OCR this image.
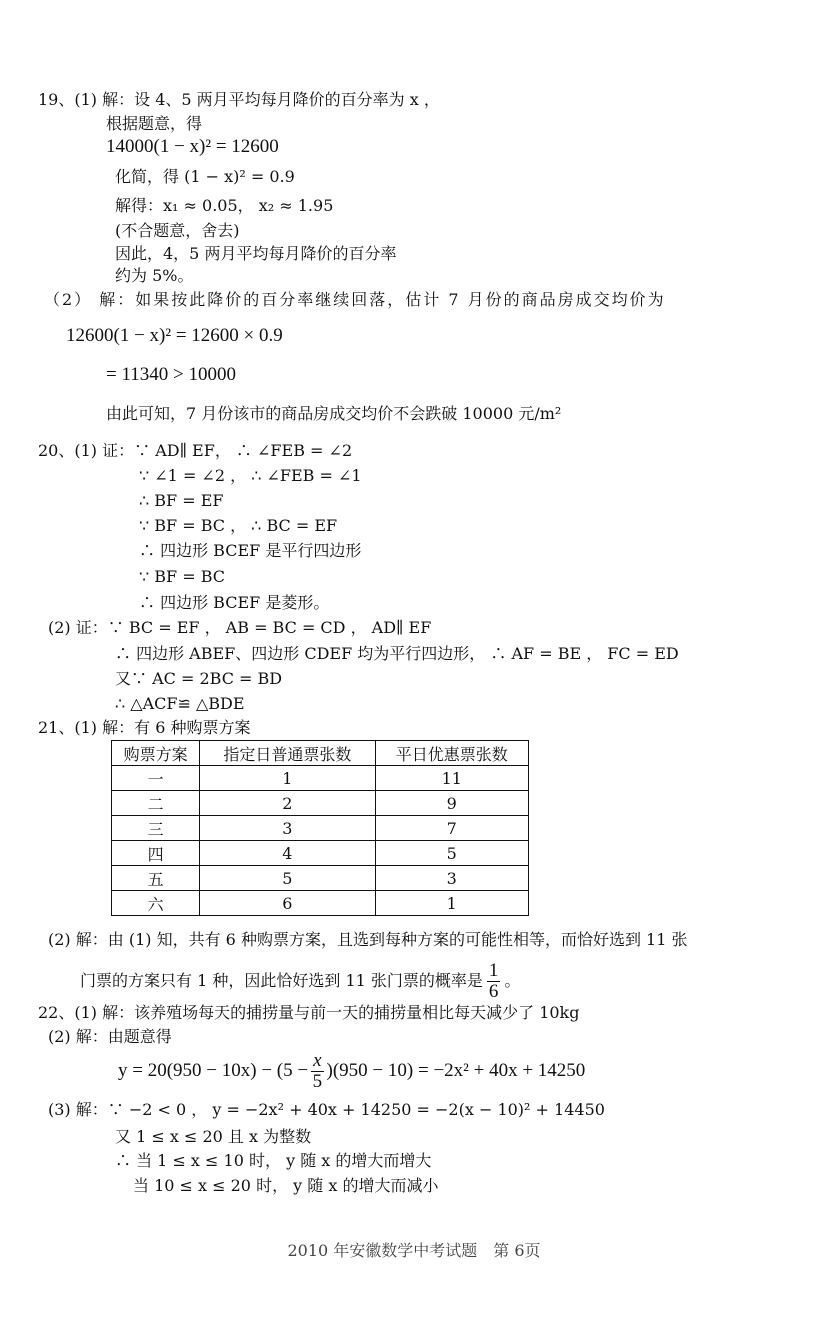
19、(1) 解：设 4、5 两月平均每月降价的百分率为 x ，
根据题意，得
14000(1 − x)² = 12600
化简，得 (1 − x)² = 0.9
解得：x₁ ≈ 0.05， x₂ ≈ 1.95
(不合题意，舍去)
因此，4，5 两月平均每月降价的百分率
约为 5%。
（2） 解：如果按此降价的百分率继续回落，估计 7 月份的商品房成交均价为
12600(1 − x)² = 12600 × 0.9
= 11340 > 10000
由此可知，7 月份该市的商品房成交均价不会跌破 10000 元/m²
20、(1) 证：∵ AD∥ EF， ∴ ∠FEB = ∠2
∵ ∠1 = ∠2 ， ∴ ∠FEB = ∠1
∴ BF = EF
∵ BF = BC ， ∴ BC = EF
∴ 四边形 BCEF 是平行四边形
∵ BF = BC
∴ 四边形 BCEF 是菱形。
(2) 证：∵ BC = EF ， AB = BC = CD ， AD∥ EF
∴ 四边形 ABEF、四边形 CDEF 均为平行四边形， ∴ AF = BE ， FC = ED
又∵ AC = 2BC = BD
∴ △ACF≌ △BDE
21、(1) 解：有 6 种购票方案
购票方案	指定日普通票张数	平日优惠票张数
一	1	11
二	2	9
三	3	7
四	4	5
五	5	3
六	6	1
(2) 解：由 (1) 知，共有 6 种购票方案，且选到每种方案的可能性相等，而恰好选到 11 张
门票的方案只有 1 种，因此恰好选到 11 张门票的概率是 $\frac{1}{6}$ 。
22、(1) 解：该养殖场每天的捕捞量与前一天的捕捞量相比每天减少了 10kg
(2) 解：由题意得
$y = 20(950 - 10x) - (5 - \frac{x}{5} )(950 - 10) = -2x^2 + 40x + 14250$
(3) 解：∵ −2 < 0 ， y = −2x² + 40x + 14250 = −2(x − 10)² + 14450
又 1 ≤ x ≤ 20 且 x 为整数
∴ 当 1 ≤ x ≤ 10 时， y 随 x 的增大而增大
当 10 ≤ x ≤ 20 时， y 随 x 的增大而减小
2010 年安徽数学中考试题　第 6页
